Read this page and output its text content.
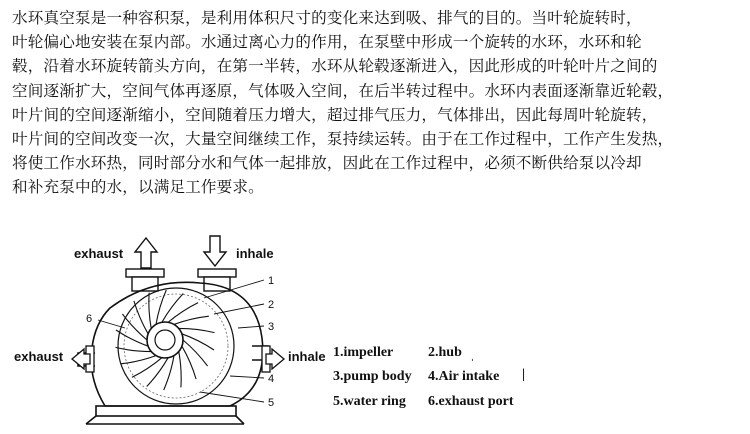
水环真空泵是一种容积泵，是利用体积尺寸的变化来达到吸、排气的目的。当叶轮旋转时，
叶轮偏心地安装在泵内部。水通过离心力的作用，在泵壁中形成一个旋转的水环，水环和轮
毂，沿着水环旋转箭头方向，在第一半转，水环从轮毂逐渐进入，因此形成的叶轮叶片之间的
空间逐渐扩大，空间气体再逐原，气体吸入空间，在后半转过程中。水环内表面逐渐靠近轮毂，
叶片间的空间逐渐缩小，空间随着压力增大，超过排气压力，气体排出，因此每周叶轮旋转，
叶片间的空间改变一次，大量空间继续工作，泵持续运转。由于在工作过程中，工作产生发热，
将使工作水环热，同时部分水和气体一起排放，因此在工作过程中，必须不断供给泵以冷却
和补充泵中的水，以满足工作要求。
exhaust	inhale
exhaust	inhale
1
2
3
4
5
6
1.impeller 2.hub
3.pump body 4.Air intake
5.water ring 6.exhaust port
ˌ
|
